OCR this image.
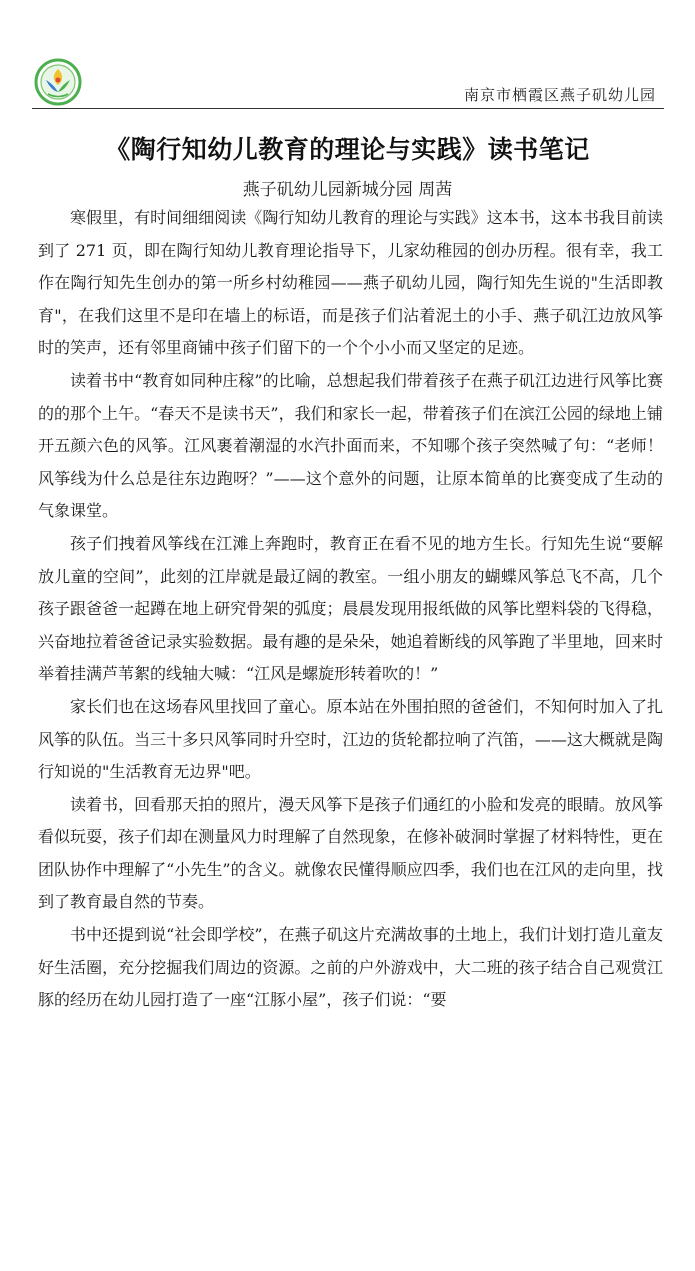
南京市栖霞区燕子矶幼儿园
《陶行知幼儿教育的理论与实践》读书笔记
燕子矶幼儿园新城分园 周茜

寒假里，有时间细细阅读《陶行知幼儿教育的理论与实践》这本书，这本书我目前读到了 271 页，即在陶行知幼儿教育理论指导下，儿家幼稚园的创办历程。很有幸，我工作在陶行知先生创办的第一所乡村幼稚园——燕子矶幼儿园，陶行知先生说的"生活即教育"，在我们这里不是印在墙上的标语，而是孩子们沾着泥土的小手、燕子矶江边放风筝时的笑声，还有邻里商铺中孩子们留下的一个个小小而又坚定的足迹。

读着书中“教育如同种庄稼”的比喻，总想起我们带着孩子在燕子矶江边进行风筝比赛的的那个上午。“春天不是读书天”，我们和家长一起，带着孩子们在滨江公园的绿地上铺开五颜六色的风筝。江风裹着潮湿的水汽扑面而来，不知哪个孩子突然喊了句：“老师！风筝线为什么总是往东边跑呀？”——这个意外的问题，让原本简单的比赛变成了生动的气象课堂。

孩子们拽着风筝线在江滩上奔跑时，教育正在看不见的地方生长。行知先生说“要解放儿童的空间”，此刻的江岸就是最辽阔的教室。一组小朋友的蝴蝶风筝总飞不高，几个孩子跟爸爸一起蹲在地上研究骨架的弧度；晨晨发现用报纸做的风筝比塑料袋的飞得稳，兴奋地拉着爸爸记录实验数据。最有趣的是朵朵，她追着断线的风筝跑了半里地，回来时举着挂满芦苇絮的线轴大喊：“江风是螺旋形转着吹的！”

家长们也在这场春风里找回了童心。原本站在外围拍照的爸爸们，不知何时加入了扎风筝的队伍。当三十多只风筝同时升空时，江边的货轮都拉响了汽笛，——这大概就是陶行知说的"生活教育无边界"吧。

读着书，回看那天拍的照片，漫天风筝下是孩子们通红的小脸和发亮的眼睛。放风筝看似玩耍，孩子们却在测量风力时理解了自然现象，在修补破洞时掌握了材料特性，更在团队协作中理解了“小先生”的含义。就像农民懂得顺应四季，我们也在江风的走向里，找到了教育最自然的节奏。

书中还提到说“社会即学校”，在燕子矶这片充满故事的土地上，我们计划打造儿童友好生活圈，充分挖掘我们周边的资源。之前的户外游戏中，大二班的孩子结合自己观赏江豚的经历在幼儿园打造了一座“江豚小屋”，孩子们说：“要
